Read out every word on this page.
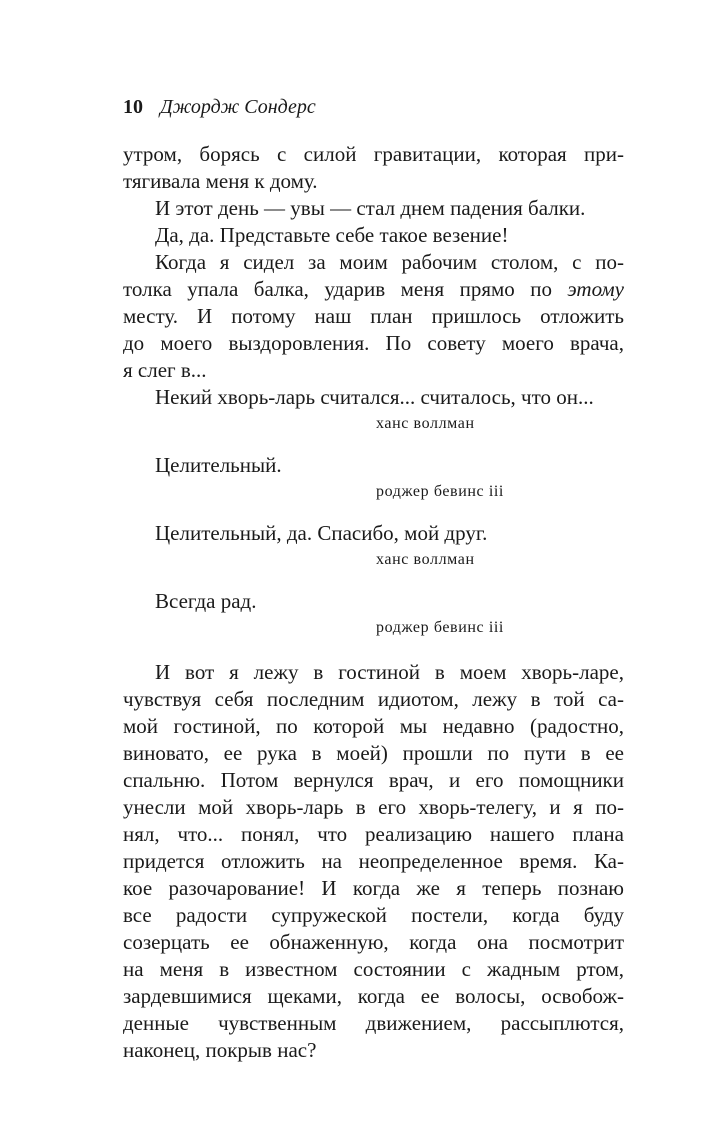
10 Джордж Сондерс
утром, борясь с силой гравитации, которая при-
тягивала меня к дому.
И этот день — увы — стал днем падения балки.
Да, да. Представьте себе такое везение!
Когда я сидел за моим рабочим столом, с по-
толка упала балка, ударив меня прямо по этому
месту. И потому наш план пришлось отложить
до моего выздоровления. По совету моего врача,
я слег в...
Некий хворь-ларь считался... считалось, что он...
ханс воллман
Целительный.
роджер бевинс iii
Целительный, да. Спасибо, мой друг.
ханс воллман
Всегда рад.
роджер бевинс iii
И вот я лежу в гостиной в моем хворь-ларе,
чувствуя себя последним идиотом, лежу в той са-
мой гостиной, по которой мы недавно (радостно,
виновато, ее рука в моей) прошли по пути в ее
спальню. Потом вернулся врач, и его помощники
унесли мой хворь-ларь в его хворь-телегу, и я по-
нял, что... понял, что реализацию нашего плана
придется отложить на неопределенное время. Ка-
кое разочарование! И когда же я теперь познаю
все радости супружеской постели, когда буду
созерцать ее обнаженную, когда она посмотрит
на меня в известном состоянии с жадным ртом,
зардевшимися щеками, когда ее волосы, освобож-
денные чувственным движением, рассыплются,
наконец, покрыв нас?
